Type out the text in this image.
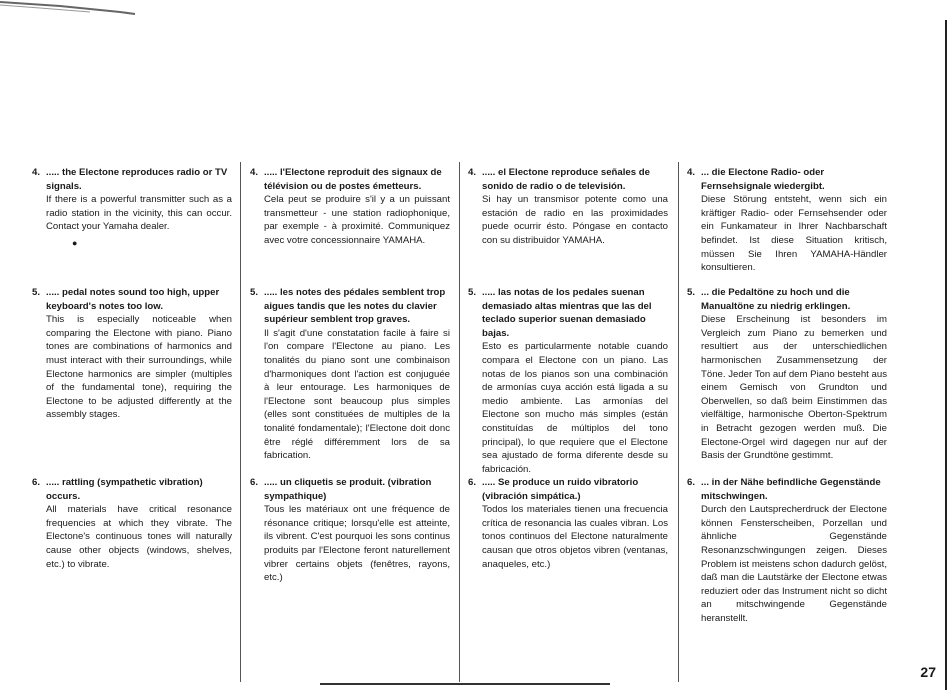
4. ..... the Electone reproduces radio or TV signals.

If there is a powerful transmitter such as a radio station in the vicinity, this can occur. Contact your Yamaha dealer.

5. ..... pedal notes sound too high, upper keyboard's notes too low.

This is especially noticeable when comparing the Electone with piano. Piano tones are combinations of harmonics and must interact with their surroundings, while Electone harmonics are simpler (multiples of the fundamental tone), requiring the Electone to be adjusted differently at the assembly stages.

6. ..... rattling (sympathetic vibration) occurs.

All materials have critical resonance frequencies at which they vibrate. The Electone's continuous tones will naturally cause other objects (windows, shelves, etc.) to vibrate.

●

4. ..... l'Electone reproduit des signaux de télévision ou de postes émetteurs.

Cela peut se produire s'il y a un puissant transmetteur - une station radiophonique, par exemple - à proximité. Communiquez avec votre concessionnaire YAMAHA.

5. ..... les notes des pédales semblent trop aigues tandis que les notes du clavier supérieur semblent trop graves.

Il s'agit d'une constatation facile à faire si l'on compare l'Electone au piano. Les tonalités du piano sont une combinaison d'harmoniques dont l'action est conjuguée à leur entourage. Les harmoniques de l'Electone sont beaucoup plus simples (elles sont constituées de multiples de la tonalité fondamentale); l'Electone doit donc être réglé différemment lors de sa fabrication.

6. ..... un cliquetis se produit. (vibration sympathique)

Tous les matériaux ont une fréquence de résonance critique; lorsqu'elle est atteinte, ils vibrent. C'est pourquoi les sons continus produits par l'Electone feront naturellement vibrer certains objets (fenêtres, rayons, etc.)

4. ..... el Electone reproduce señales de sonido de radio o de televisión.

Si hay un transmisor potente como una estación de radio en las proximidades puede ocurrir ésto. Póngase en contacto con su distribuidor YAMAHA.

5. ..... las notas de los pedales suenan demasiado altas mientras que las del teclado superior suenan demasiado bajas.

Esto es particularmente notable cuando compara el Electone con un piano. Las notas de los pianos son una combinación de armonías cuya acción está ligada a su medio ambiente. Las armonías del Electone son mucho más simples (están constituídas de múltiplos del tono principal), lo que requiere que el Electone sea ajustado de forma diferente desde su fabricación.

6. ..... Se produce un ruido vibratorio (vibración simpática.)

Todos los materiales tienen una frecuencia crítica de resonancia las cuales vibran. Los tonos continuos del Electone naturalmente causan que otros objetos vibren (ventanas, anaqueles, etc.)

4. ... die Electone Radio- oder Fernsehsignale wiedergibt.

Diese Störung entsteht, wenn sich ein kräftiger Radio- oder Fernsehsender oder ein Funkamateur in Ihrer Nachbarschaft befindet. Ist diese Situation kritisch, müssen Sie Ihren YAMAHA-Händler konsultieren.

5. ... die Pedaltöne zu hoch und die Manualtöne zu niedrig erklingen.

Diese Erscheinung ist besonders im Vergleich zum Piano zu bemerken und resultiert aus der unterschiedlichen harmonischen Zusammensetzung der Töne. Jeder Ton auf dem Piano besteht aus einem Gemisch von Grundton und Oberwellen, so daß beim Einstimmen das vielfältige, harmonische Oberton-Spektrum in Betracht gezogen werden muß. Die Electone-Orgel wird dagegen nur auf der Basis der Grundtöne gestimmt.

6. ... in der Nähe befindliche Gegenstände mitschwingen.

Durch den Lautsprecherdruck der Electone können Fensterscheiben, Porzellan und ähnliche Gegenstände Resonanzschwingungen zeigen. Dieses Problem ist meistens schon dadurch gelöst, daß man die Lautstärke der Electone etwas reduziert oder das Instrument nicht so dicht an mitschwingende Gegenstände heranstellt.

27
